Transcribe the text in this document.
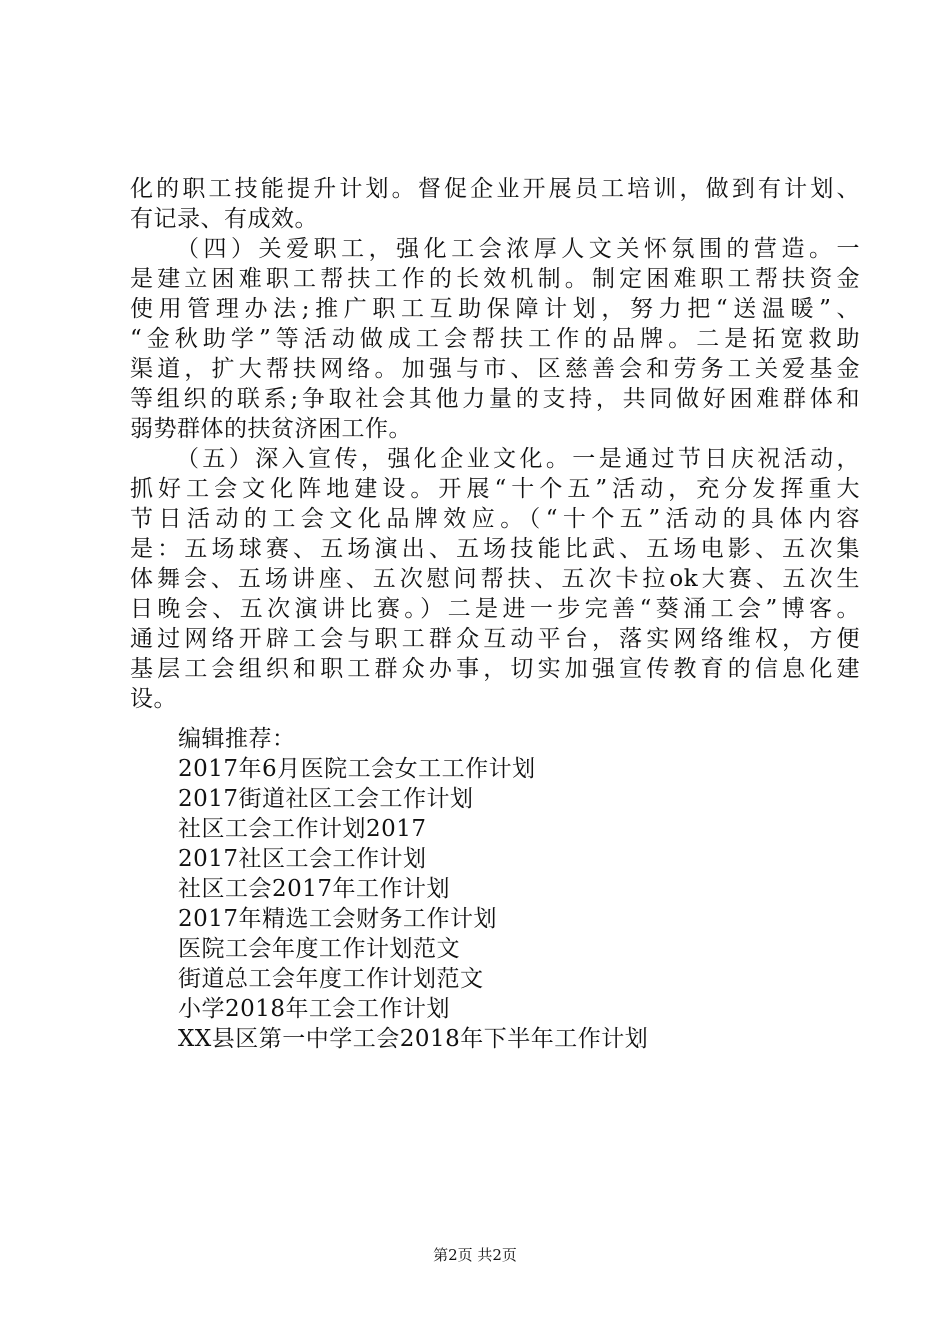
化的职工技能提升计划。督促企业开展员工培训，做到有计划、
有记录、有成效。
（四）关爱职工，强化工会浓厚人文关怀氛围的营造。一
是建立困难职工帮扶工作的长效机制。制定困难职工帮扶资金
使用管理办法;推广职工互助保障计划，努力把“送温暖”、
“金秋助学”等活动做成工会帮扶工作的品牌。二是拓宽救助
渠道，扩大帮扶网络。加强与市、区慈善会和劳务工关爱基金
等组织的联系;争取社会其他力量的支持，共同做好困难群体和
弱势群体的扶贫济困工作。
（五）深入宣传，强化企业文化。一是通过节日庆祝活动，
抓好工会文化阵地建设。开展“十个五”活动，充分发挥重大
节日活动的工会文化品牌效应。（“十个五”活动的具体内容
是：五场球赛、五场演出、五场技能比武、五场电影、五次集
体舞会、五场讲座、五次慰问帮扶、五次卡拉ok大赛、五次生
日晚会、五次演讲比赛。）二是进一步完善“葵涌工会”博客。
通过网络开辟工会与职工群众互动平台，落实网络维权，方便
基层工会组织和职工群众办事，切实加强宣传教育的信息化建
设。
编辑推荐：
2017年6月医院工会女工工作计划
2017街道社区工会工作计划
社区工会工作计划2017
2017社区工会工作计划
社区工会2017年工作计划
2017年精选工会财务工作计划
医院工会年度工作计划范文
街道总工会年度工作计划范文
小学2018年工会工作计划
XX县区第一中学工会2018年下半年工作计划
第2页 共2页
